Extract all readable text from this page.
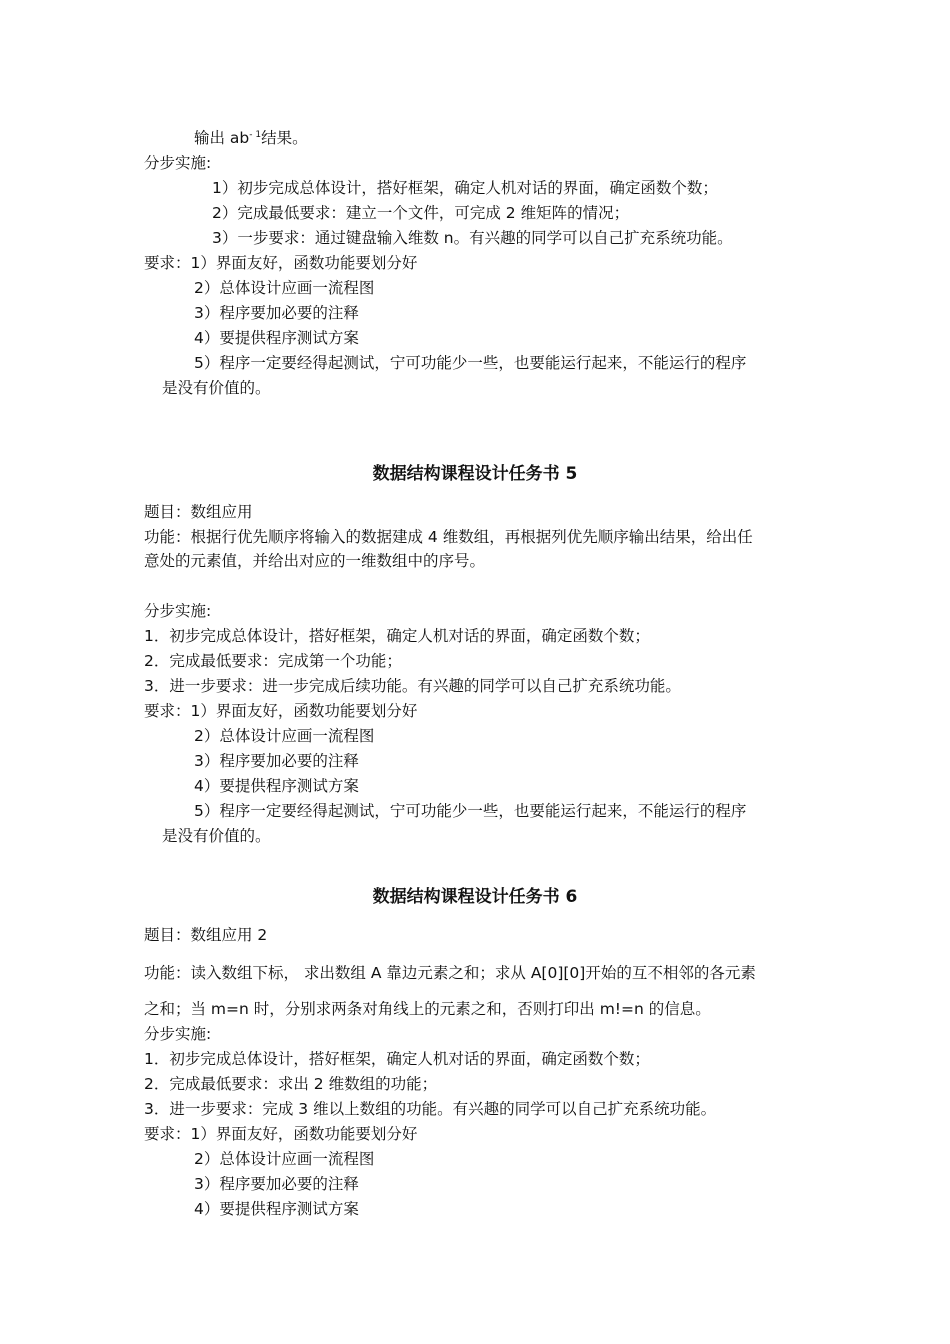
输出 $ab^{- 1}$结果。
分步实施:
1）初步完成总体设计，搭好框架，确定人机对话的界面，确定函数个数；
2）完成最低要求：建立一个文件，可完成 2 维矩阵的情况；
3）一步要求：通过键盘输入维数 n。有兴趣的同学可以自己扩充系统功能。
要求：1）界面友好，函数功能要划分好
2）总体设计应画一流程图
3）程序要加必要的注释
4）要提供程序测试方案
5）程序一定要经得起测试，宁可功能少一些，也要能运行起来，不能运行的程序
是没有价值的。
数据结构课程设计任务书 5
题目：数组应用
功能：根据行优先顺序将输入的数据建成 4 维数组，再根据列优先顺序输出结果，给出任
意处的元素值，并给出对应的一维数组中的序号。
分步实施:
1．初步完成总体设计，搭好框架，确定人机对话的界面，确定函数个数；
2．完成最低要求：完成第一个功能；
3．进一步要求：进一步完成后续功能。有兴趣的同学可以自己扩充系统功能。
要求：1）界面友好，函数功能要划分好
2）总体设计应画一流程图
3）程序要加必要的注释
4）要提供程序测试方案
5）程序一定要经得起测试，宁可功能少一些，也要能运行起来，不能运行的程序
是没有价值的。
数据结构课程设计任务书 6
题目：数组应用 2
功能：读入数组下标， 求出数组 A 靠边元素之和；求从 A[0][0]开始的互不相邻的各元素
之和；当 m=n 时，分别求两条对角线上的元素之和，否则打印出 m!=n 的信息。
分步实施:
1．初步完成总体设计，搭好框架，确定人机对话的界面，确定函数个数；
2．完成最低要求：求出 2 维数组的功能；
3．进一步要求：完成 3 维以上数组的功能。有兴趣的同学可以自己扩充系统功能。
要求：1）界面友好，函数功能要划分好
2）总体设计应画一流程图
3）程序要加必要的注释
4）要提供程序测试方案
